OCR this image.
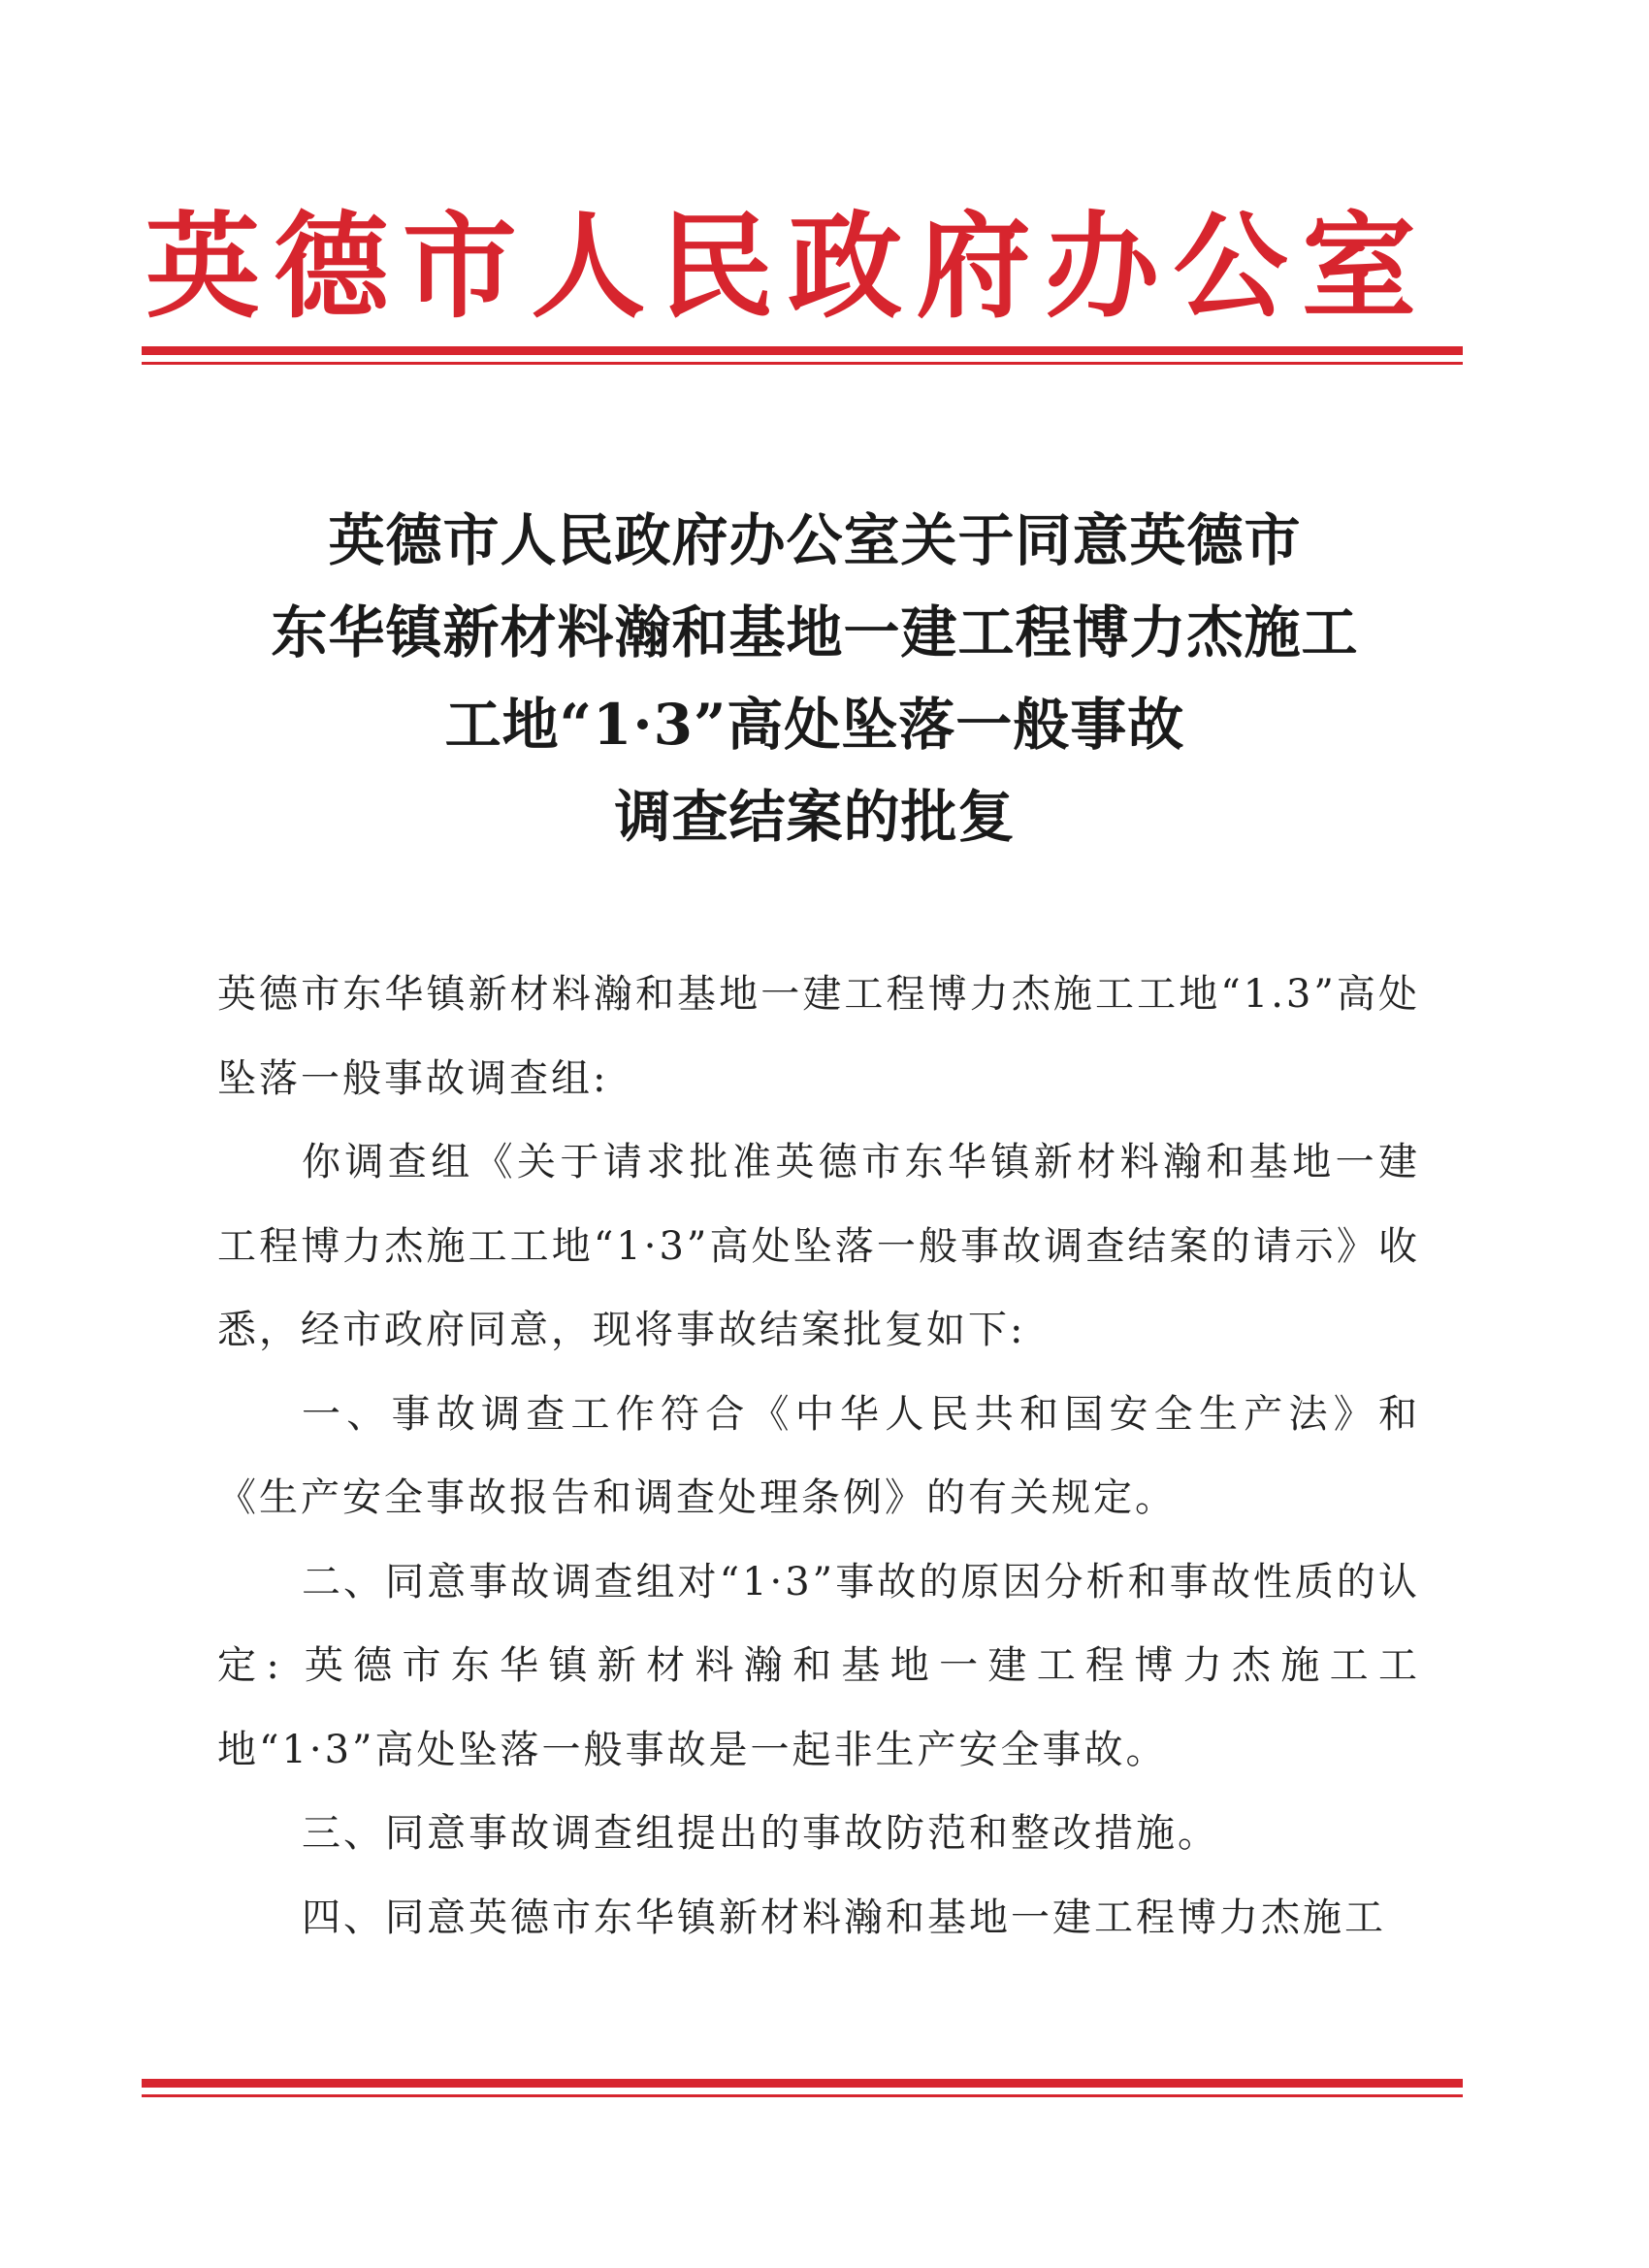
英 德 市 人 民 政 府 办 公 室
英德市人民政府办公室关于同意英德市
东华镇新材料瀚和基地一建工程博力杰施工
工地“1·3”高处坠落一般事故
调查结案的批复

英德市东华镇新材料瀚和基地一建工程博力杰施工工地“1.3”高处坠落一般事故调查组:

你调查组《关于请求批准英德市东华镇新材料瀚和基地一建工程博力杰施工工地“1·3”高处坠落一般事故调查结案的请示》收悉，经市政府同意，现将事故结案批复如下:

一、事故调查工作符合《中华人民共和国安全生产法》和《生产安全事故报告和调查处理条例》的有关规定。

二、同意事故调查组对“1·3”事故的原因分析和事故性质的认定: 英德市东华镇新材料瀚和基地一建工程博力杰施工工地“1·3”高处坠落一般事故是一起非生产安全事故。

三、同意事故调查组提出的事故防范和整改措施。

四、同意英德市东华镇新材料瀚和基地一建工程博力杰施工
